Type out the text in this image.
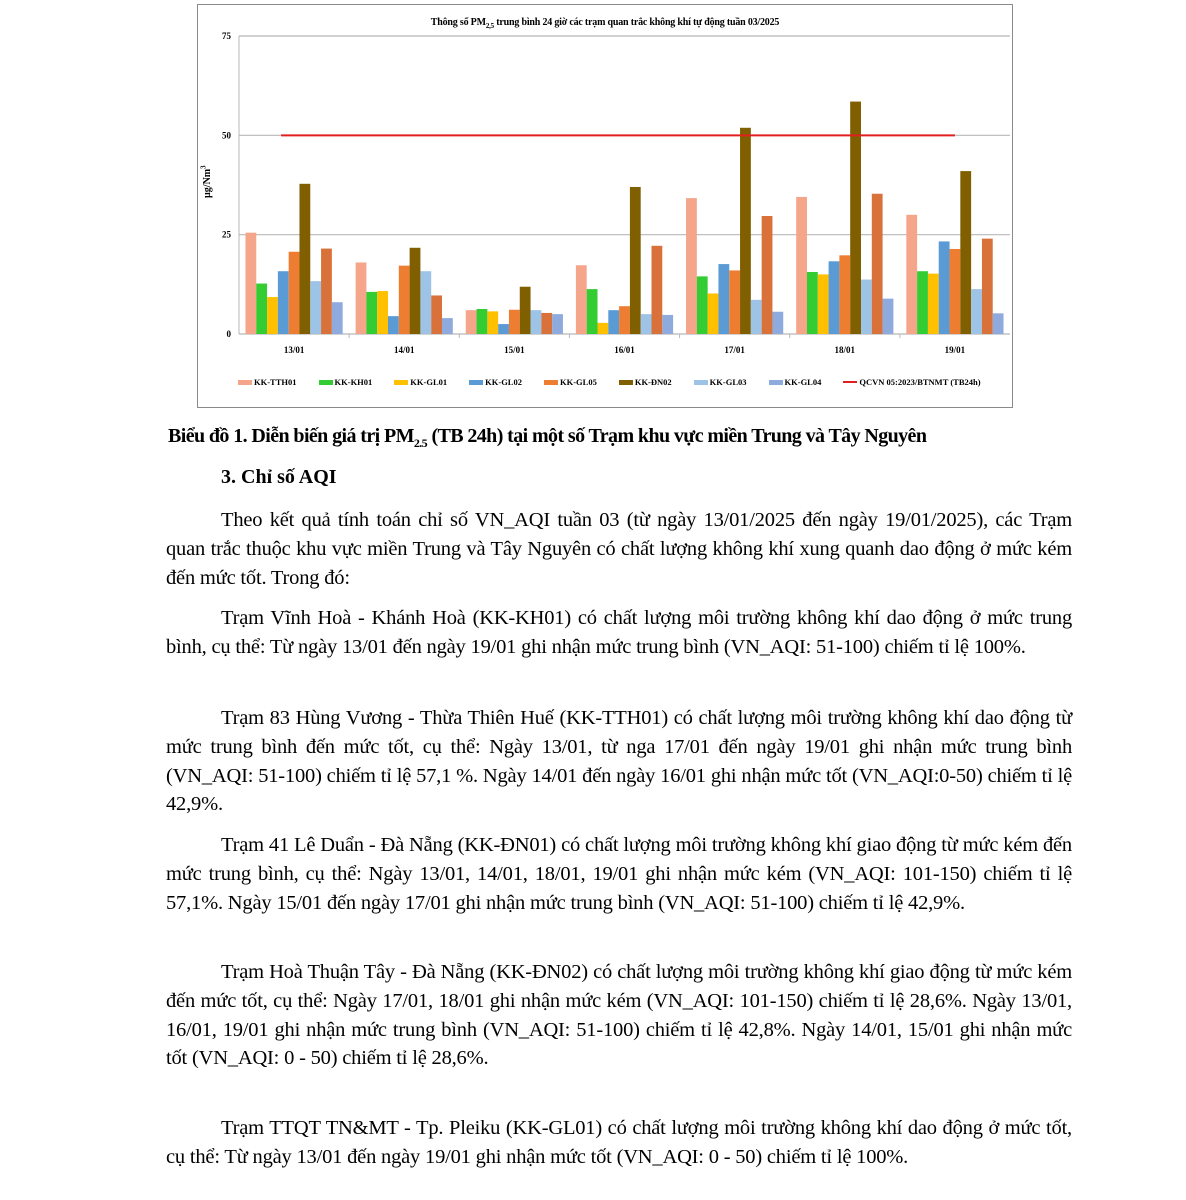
Thông số $PM_{2,5}$ trung bình 24 giờ các trạm quan trắc không khí tự động tuần 03/2025
µg/Nm$^3$
0
25
50
75
13/01	14/01	15/01	16/01	17/01	18/01	19/01
KK-TTH01	KK-KH01	KK-GL01	KK-GL02	KK-GL05	KK-ĐN02	KK-GL03	KK-GL04	QCVN 05:2023/BTNMT (TB24h)
Biểu đồ 1. Diễn biến giá trị $PM_{2.5}$ (TB 24h) tại một số Trạm khu vực miền Trung và Tây Nguyên
3. Chỉ số AQI
Theo kết quả tính toán chỉ số VN_AQI tuần 03 (từ ngày 13/01/2025 đến ngày 19/01/2025), các Trạm quan trắc thuộc khu vực miền Trung và Tây Nguyên có chất lượng không khí xung quanh dao động ở mức kém đến mức tốt. Trong đó:
Trạm Vĩnh Hoà - Khánh Hoà (KK-KH01) có chất lượng môi trường không khí dao động ở mức trung bình, cụ thể: Từ ngày 13/01 đến ngày 19/01 ghi nhận mức trung bình (VN_AQI: 51-100) chiếm tỉ lệ 100%.
Trạm 83 Hùng Vương - Thừa Thiên Huế (KK-TTH01) có chất lượng môi trường không khí dao động từ mức trung bình đến mức tốt, cụ thể: Ngày 13/01, từ nga 17/01 đến ngày 19/01 ghi nhận mức trung bình (VN_AQI: 51-100) chiếm tỉ lệ 57,1 %. Ngày 14/01 đến ngày 16/01 ghi nhận mức tốt (VN_AQI:0-50) chiếm tỉ lệ 42,9%.
Trạm 41 Lê Duẩn - Đà Nẵng (KK-ĐN01) có chất lượng môi trường không khí giao động từ mức kém đến mức trung bình, cụ thể: Ngày 13/01, 14/01, 18/01, 19/01 ghi nhận mức kém (VN_AQI: 101-150) chiếm tỉ lệ 57,1%. Ngày 15/01 đến ngày 17/01 ghi nhận mức trung bình (VN_AQI: 51-100) chiếm tỉ lệ 42,9%.
Trạm Hoà Thuận Tây - Đà Nẵng (KK-ĐN02) có chất lượng môi trường không khí giao động từ mức kém đến mức tốt, cụ thể: Ngày 17/01, 18/01 ghi nhận mức kém (VN_AQI: 101-150) chiếm tỉ lệ 28,6%. Ngày 13/01, 16/01, 19/01 ghi nhận mức trung bình (VN_AQI: 51-100) chiếm tỉ lệ 42,8%. Ngày 14/01, 15/01 ghi nhận mức tốt (VN_AQI: 0 - 50) chiếm tỉ lệ 28,6%.
Trạm TTQT TN&MT - Tp. Pleiku (KK-GL01) có chất lượng môi trường không khí dao động ở mức tốt, cụ thể: Từ ngày 13/01 đến ngày 19/01 ghi nhận mức tốt (VN_AQI: 0 - 50) chiếm tỉ lệ 100%.
